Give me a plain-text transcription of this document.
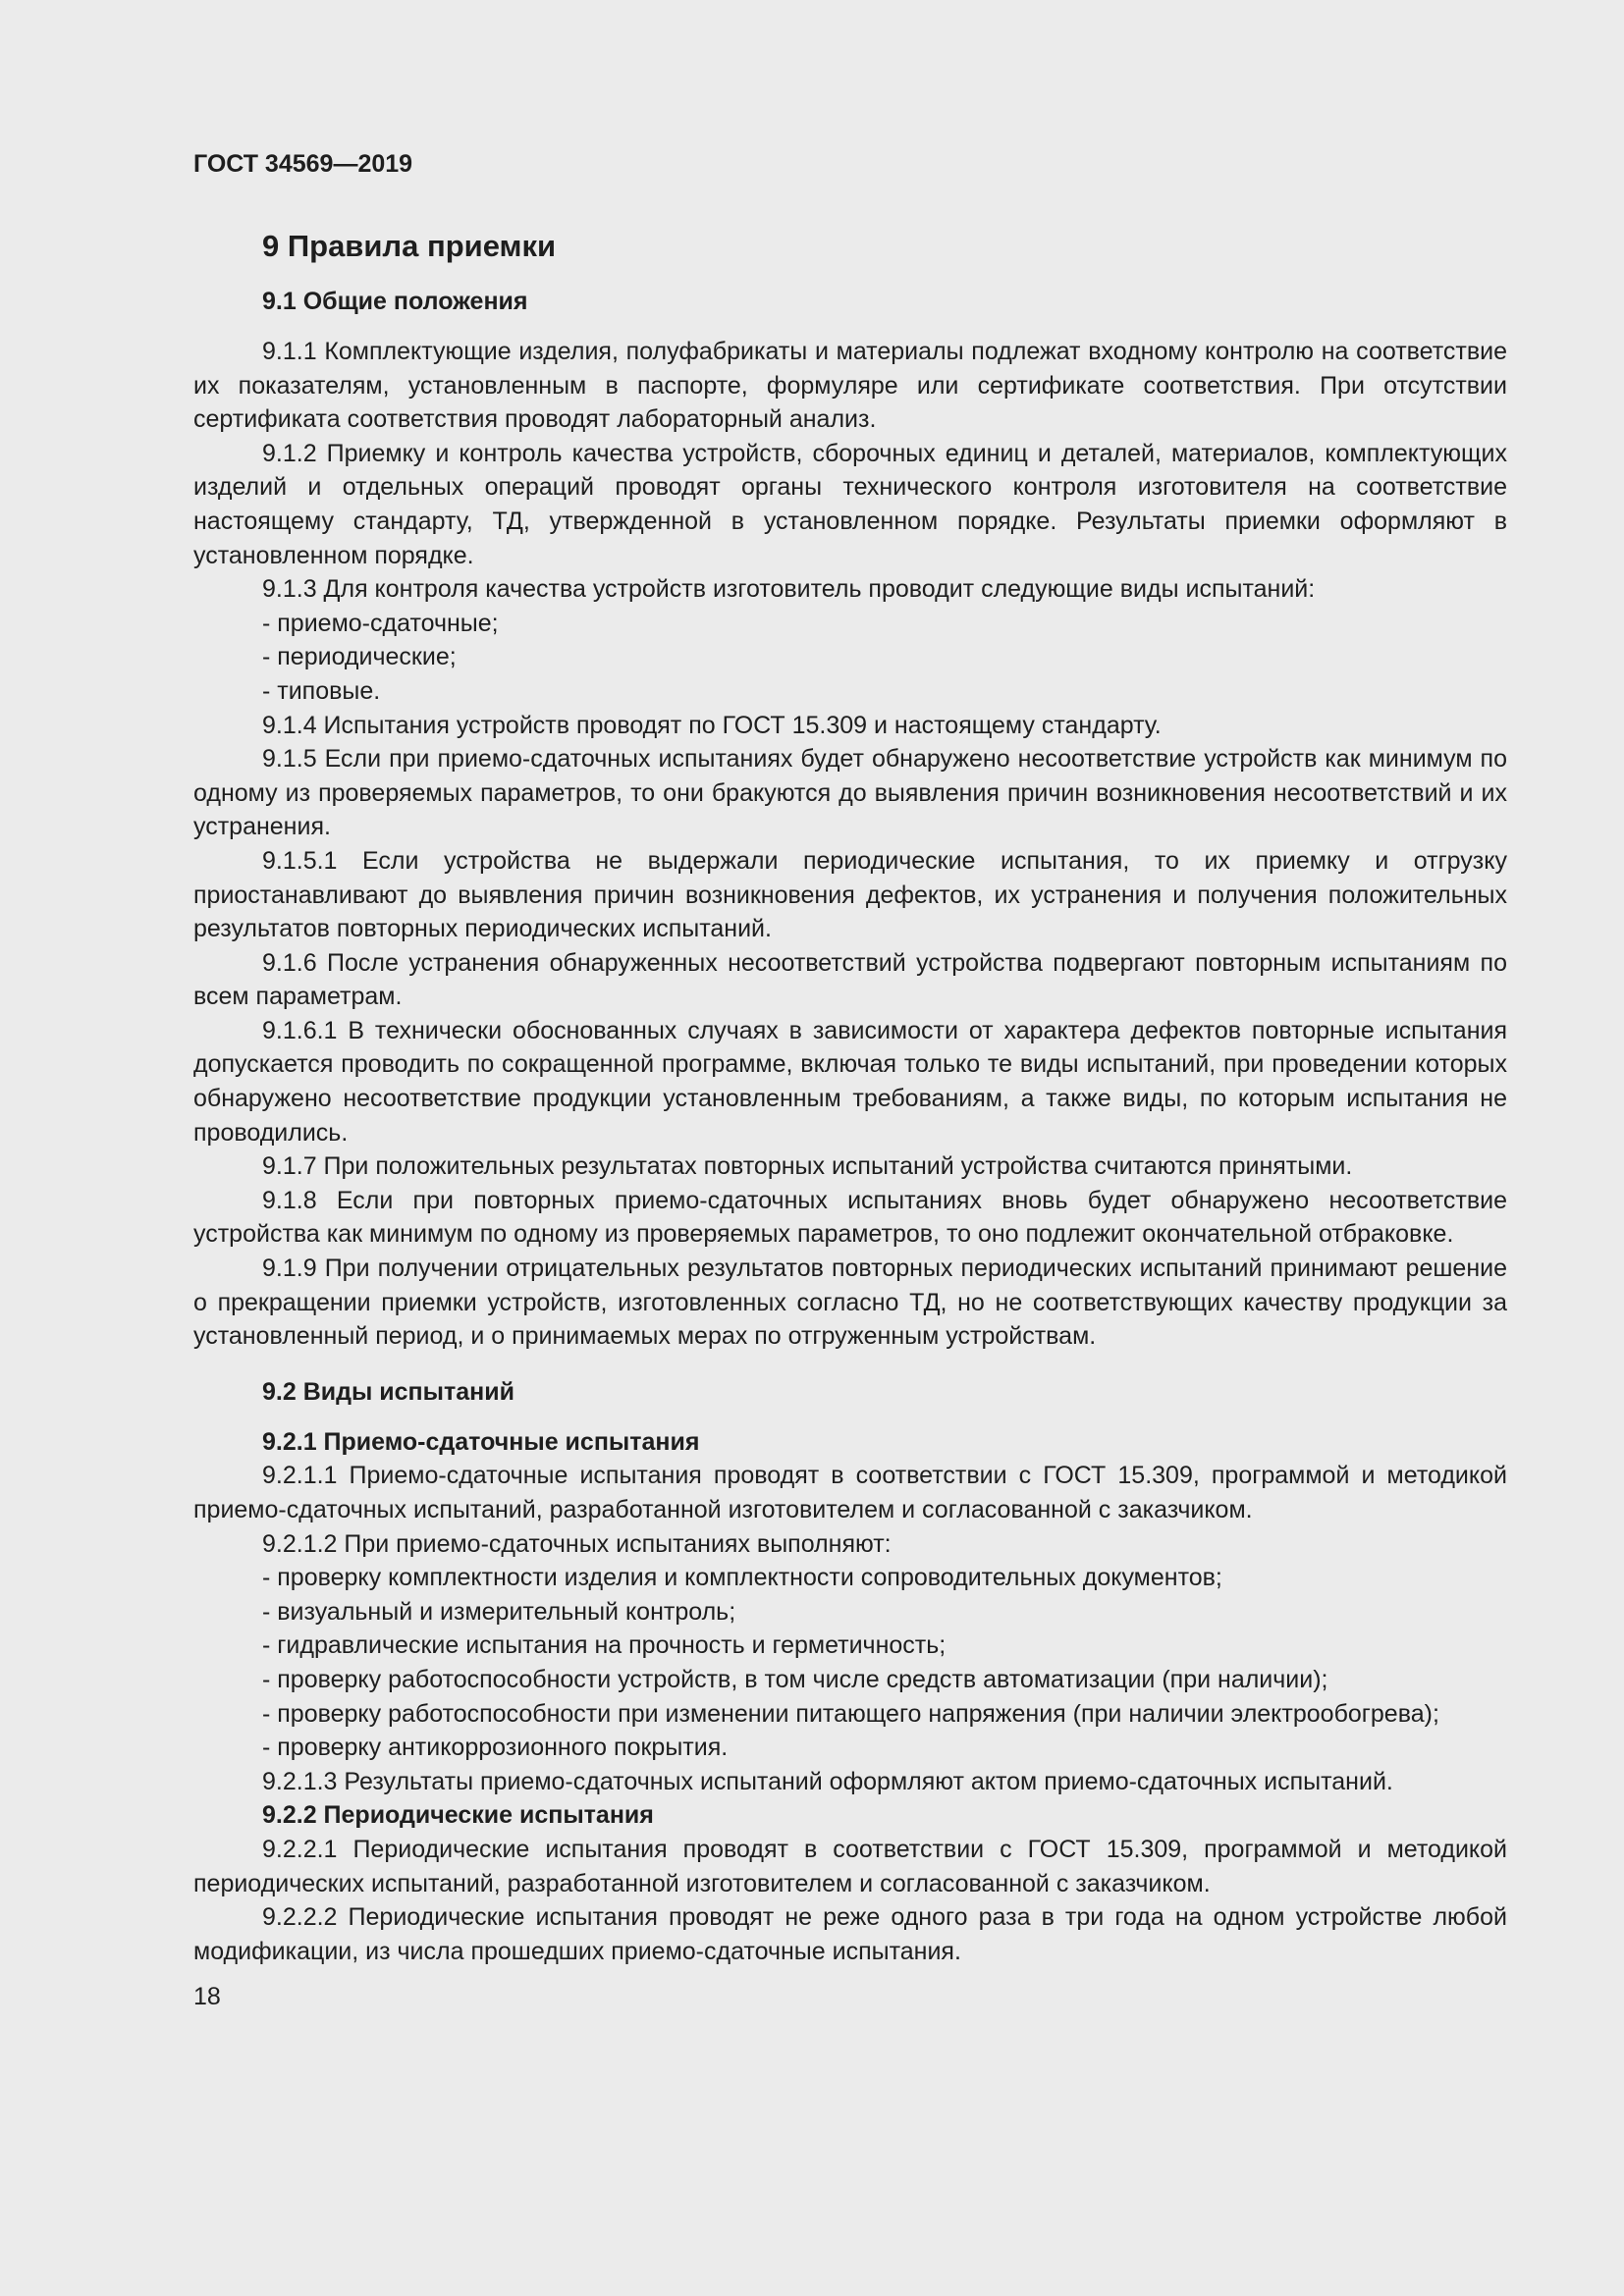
ГОСТ 34569—2019
9 Правила приемки
9.1 Общие положения

9.1.1 Комплектующие изделия, полуфабрикаты и материалы подлежат входному контролю на соответствие их показателям, установленным в паспорте, формуляре или сертификате соответствия. При отсутствии сертификата соответствия проводят лабораторный анализ.

9.1.2 Приемку и контроль качества устройств, сборочных единиц и деталей, материалов, комплектующих изделий и отдельных операций проводят органы технического контроля изготовителя на соответствие настоящему стандарту, ТД, утвержденной в установленном порядке. Результаты приемки оформляют в установленном порядке.

9.1.3 Для контроля качества устройств изготовитель проводит следующие виды испытаний:

- приемо-сдаточные;

- периодические;

- типовые.

9.1.4 Испытания устройств проводят по ГОСТ 15.309 и настоящему стандарту.

9.1.5 Если при приемо-сдаточных испытаниях будет обнаружено несоответствие устройств как минимум по одному из проверяемых параметров, то они бракуются до выявления причин возникновения несоответствий и их устранения.

9.1.5.1 Если устройства не выдержали периодические испытания, то их приемку и отгрузку приостанавливают до выявления причин возникновения дефектов, их устранения и получения положительных результатов повторных периодических испытаний.

9.1.6 После устранения обнаруженных несоответствий устройства подвергают повторным испытаниям по всем параметрам.

9.1.6.1 В технически обоснованных случаях в зависимости от характера дефектов повторные испытания допускается проводить по сокращенной программе, включая только те виды испытаний, при проведении которых обнаружено несоответствие продукции установленным требованиям, а также виды, по которым испытания не проводились.

9.1.7 При положительных результатах повторных испытаний устройства считаются принятыми.

9.1.8 Если при повторных приемо-сдаточных испытаниях вновь будет обнаружено несоответствие устройства как минимум по одному из проверяемых параметров, то оно подлежит окончательной отбраковке.

9.1.9 При получении отрицательных результатов повторных периодических испытаний принимают решение о прекращении приемки устройств, изготовленных согласно ТД, но не соответствующих качеству продукции за установленный период, и о принимаемых мерах по отгруженным устройствам.

9.2 Виды испытаний
9.2.1 Приемо-сдаточные испытания

9.2.1.1 Приемо-сдаточные испытания проводят в соответствии с ГОСТ 15.309, программой и методикой приемо-сдаточных испытаний, разработанной изготовителем и согласованной с заказчиком.

9.2.1.2 При приемо-сдаточных испытаниях выполняют:

- проверку комплектности изделия и комплектности сопроводительных документов;

- визуальный и измерительный контроль;

- гидравлические испытания на прочность и герметичность;

- проверку работоспособности устройств, в том числе средств автоматизации (при наличии);

- проверку работоспособности при изменении питающего напряжения (при наличии электрообогрева);

- проверку антикоррозионного покрытия.

9.2.1.3 Результаты приемо-сдаточных испытаний оформляют актом приемо-сдаточных испытаний.

9.2.2 Периодические испытания

9.2.2.1 Периодические испытания проводят в соответствии с ГОСТ 15.309, программой и методикой периодических испытаний, разработанной изготовителем и согласованной с заказчиком.

9.2.2.2 Периодические испытания проводят не реже одного раза в три года на одном устройстве любой модификации, из числа прошедших приемо-сдаточные испытания.

18
